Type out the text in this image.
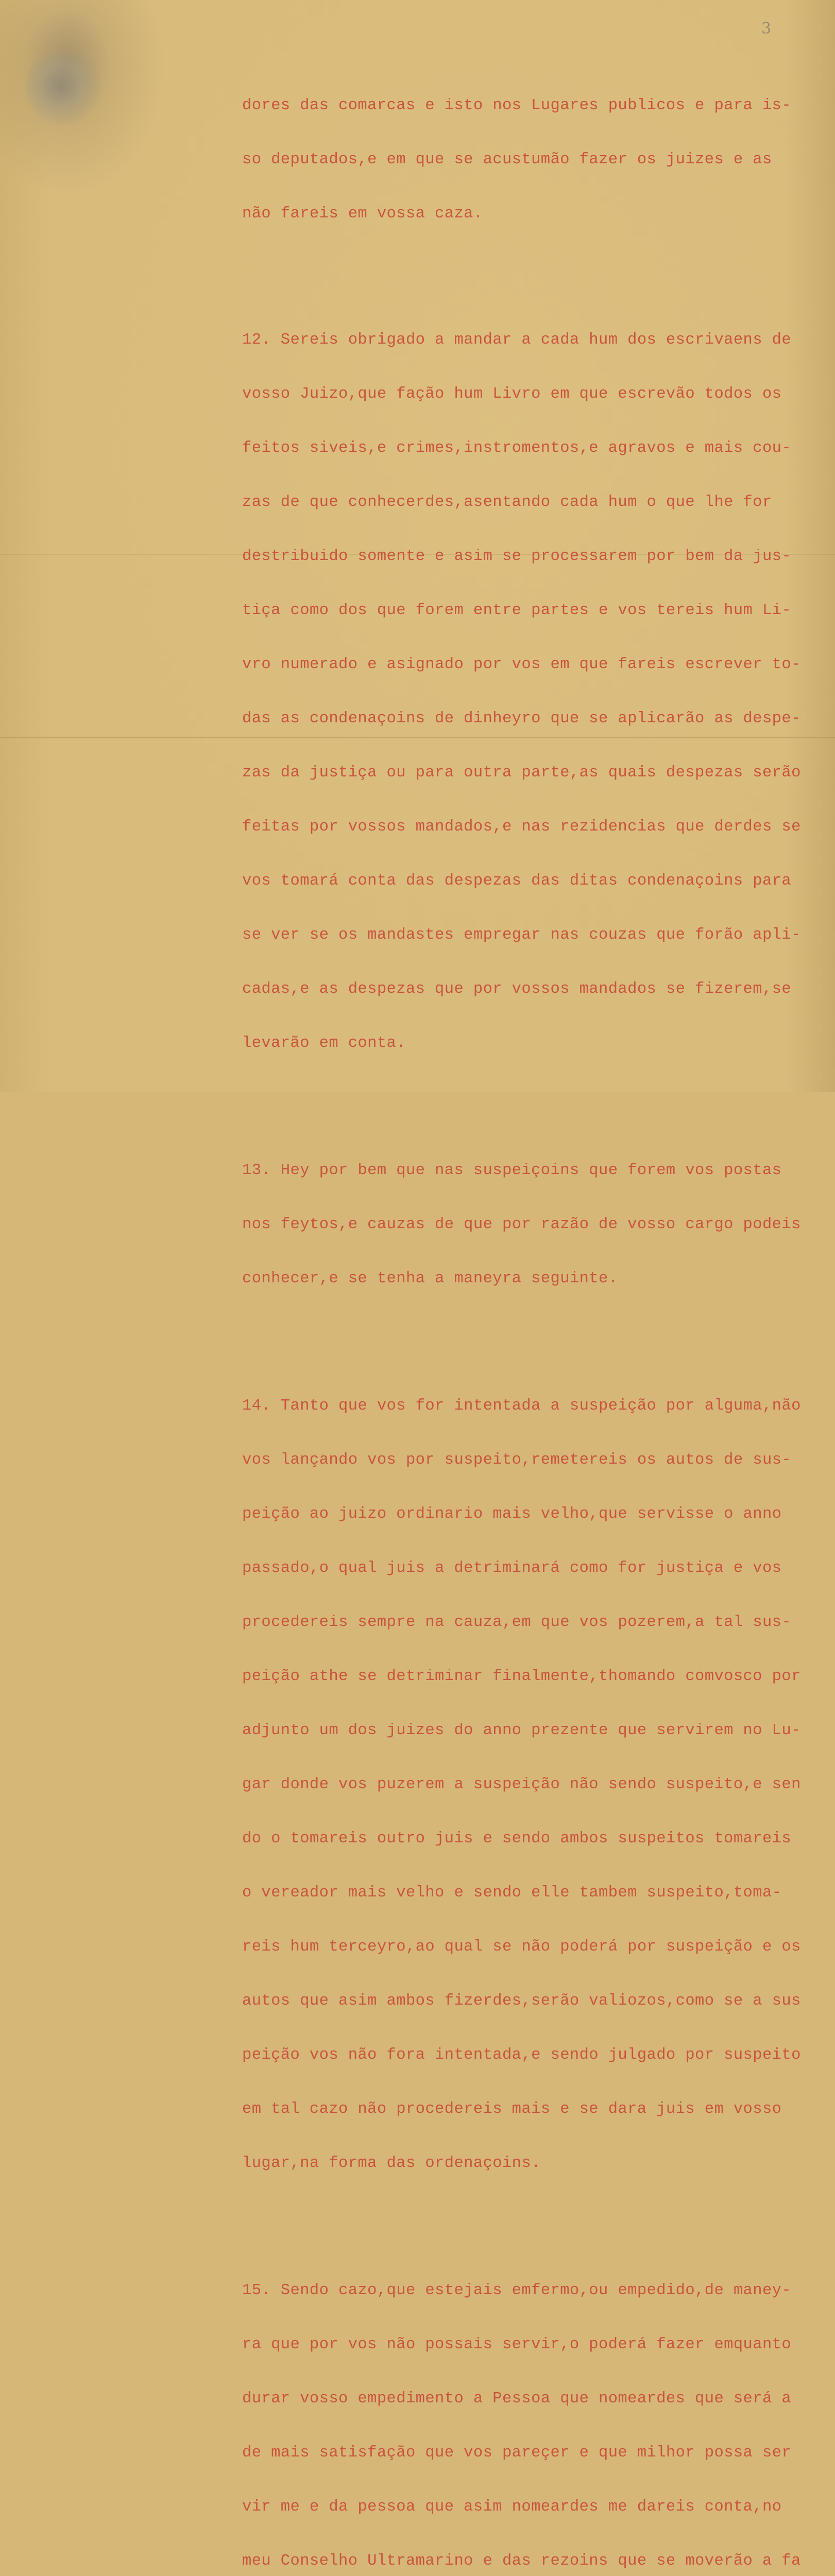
3

dores das comarcas e isto nos Lugares publicos e para is-

so deputados,e em que se acustumão fazer os juizes e as

não fareis em vossa caza.

12. Sereis obrigado a mandar a cada hum dos escrivaens de

vosso Juizo,que fação hum Livro em que escrevão todos os

feitos siveis,e crimes,instromentos,e agravos e mais cou-

zas de que conhecerdes,asentando cada hum o que lhe for

destribuido somente e asim se processarem por bem da jus-

tiça como dos que forem entre partes e vos tereis hum Li-

vro numerado e asignado por vos em que fareis escrever to-

das as condenaçoins de dinheyro que se aplicarão as despe-

zas da justiça ou para outra parte,as quais despezas serão

feitas por vossos mandados,e nas rezidencias que derdes se

vos tomará conta das despezas das ditas condenaçoins para

se ver se os mandastes empregar nas couzas que forão apli-

cadas,e as despezas que por vossos mandados se fizerem,se

levarão em conta.

13. Hey por bem que nas suspeiçoins que forem vos postas

nos feytos,e cauzas de que por razão de vosso cargo podeis

conhecer,e se tenha a maneyra seguinte.

14. Tanto que vos for intentada a suspeição por alguma,não

vos lançando vos por suspeito,remetereis os autos de sus-

peição ao juizo ordinario mais velho,que servisse o anno

passado,o qual juis a detriminará como for justiça e vos

procedereis sempre na cauza,em que vos pozerem,a tal sus-

peição athe se detriminar finalmente,thomando comvosco por

adjunto um dos juizes do anno prezente que servirem no Lu-

gar donde vos puzerem a suspeição não sendo suspeito,e sen

do o tomareis outro juis e sendo ambos suspeitos tomareis

o vereador mais velho e sendo elle tambem suspeito,toma-

reis hum terceyro,ao qual se não poderá por suspeição e os

autos que asim ambos fizerdes,serão valiozos,como se a sus

peição vos não fora intentada,e sendo julgado por suspeito

em tal cazo não procedereis mais e se dara juis em vosso

lugar,na forma das ordenaçoins.

15. Sendo cazo,que estejais emfermo,ou empedido,de maney-

ra que por vos não possais servir,o poderá fazer emquanto

durar vosso empedimento a Pessoa que nomeardes que será a

de mais satisfação que vos pareçer e que milhor possa ser

vir me e da pessoa que asim nomeardes me dareis conta,no

meu Conselho Ultramarino e das rezoins que se moverão a fa
